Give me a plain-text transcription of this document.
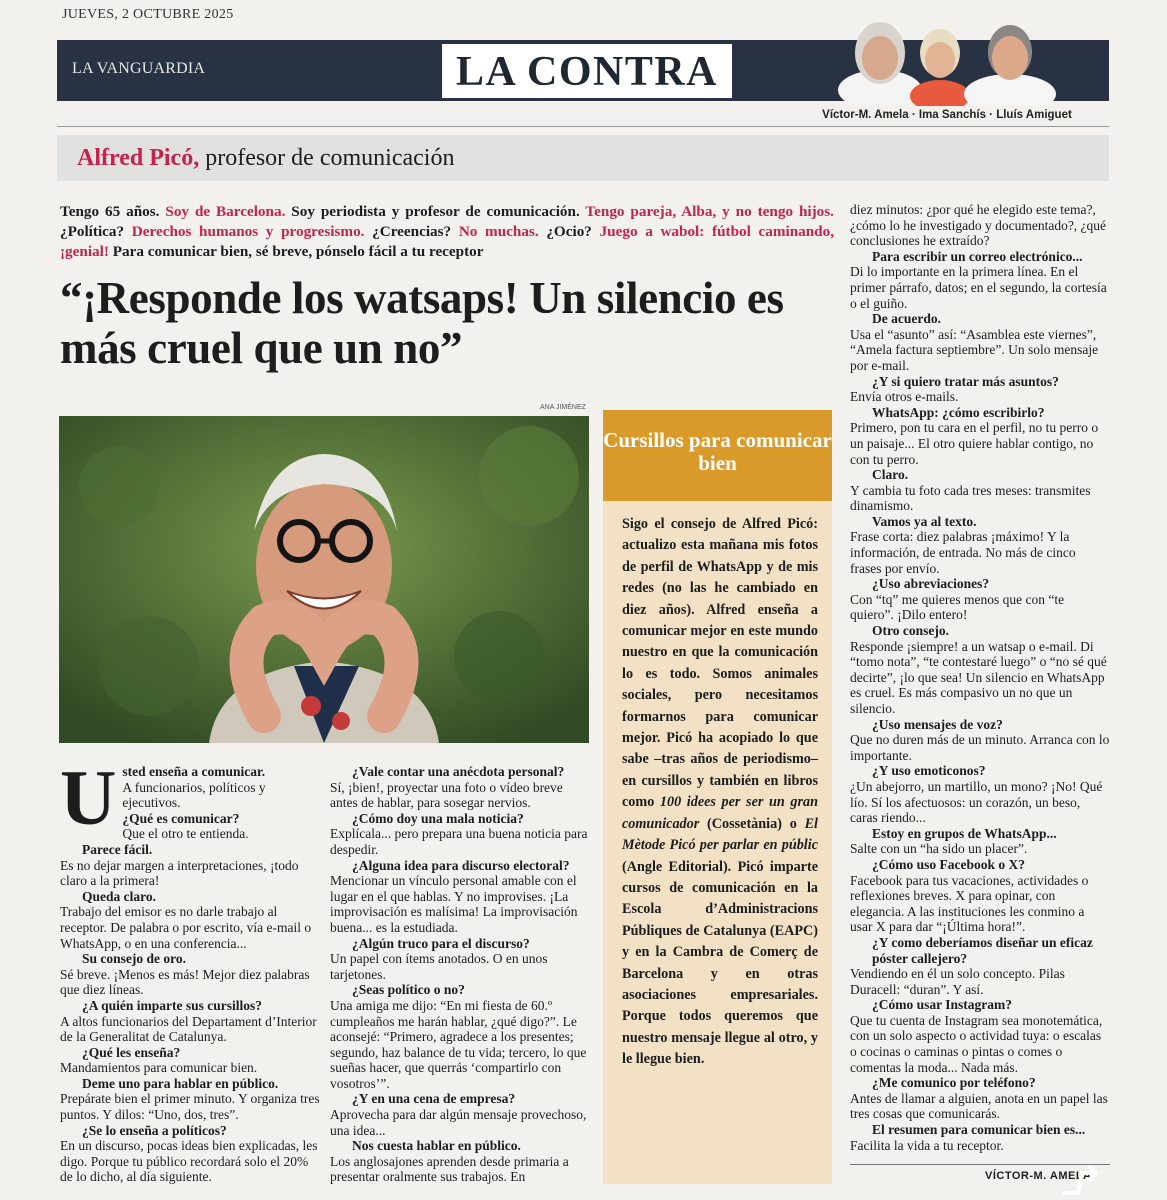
JUEVES, 2 OCTUBRE 2025
LA VANGUARDIA	LA CONTRA
Víctor-M. Amela · Ima Sanchís · Lluís Amiguet
Alfred Picó, profesor de comunicación
Tengo 65 años. Soy de Barcelona. Soy periodista y profesor de comunicación. Tengo pareja, Alba, y no tengo hijos. ¿Política? Derechos humanos y progresismo. ¿Creencias? No muchas. ¿Ocio? Juego a wabol: fútbol caminando, ¡genial! Para comunicar bien, sé breve, pónselo fácil a tu receptor
“¡Responde los watsaps! Un silencio es más cruel que un no”
ANA JIMÉNEZ
U sted enseña a comunicar.

A funcionarios, políticos y ejecutivos.

¿Qué es comunicar?

Que el otro te entienda.

Parece fácil.

Es no dejar margen a interpretaciones, ¡todo claro a la primera!

Queda claro.

Trabajo del emisor es no darle trabajo al receptor. De palabra o por escrito, vía e-mail o WhatsApp, o en una conferencia...

Su consejo de oro.

Sé breve. ¡Menos es más! Mejor diez palabras que diez líneas.

¿A quién imparte sus cursillos?

A altos funcionarios del Departament d’Interior de la Generalitat de Catalunya.

¿Qué les enseña?

Mandamientos para comunicar bien.

Deme uno para hablar en público.

Prepárate bien el primer minuto. Y organiza tres puntos. Y dilos: “Uno, dos, tres”.

¿Se lo enseña a políticos?

En un discurso, pocas ideas bien explicadas, les digo. Porque tu público recordará solo el 20% de lo dicho, al día siguiente.

¿Vale contar una anécdota personal?

Sí, ¡bien!, proyectar una foto o vídeo breve antes de hablar, para sosegar nervios.

¿Cómo doy una mala noticia?

Explícala... pero prepara una buena noticia para despedir.

¿Alguna idea para discurso electoral?

Mencionar un vínculo personal amable con el lugar en el que hablas. Y no improvises. ¡La improvisación es malísima! La improvisación buena... es la estudiada.

¿Algún truco para el discurso?

Un papel con ítems anotados. O en unos tarjetones.

¿Seas político o no?

Una amiga me dijo: “En mi fiesta de 60.º cumpleaños me harán hablar, ¿qué digo?”. Le aconsejé: “Primero, agradece a los presentes; segundo, haz balance de tu vida; tercero, lo que sueñas hacer, que querrás ‘compartirlo con vosotros’”.

¿Y en una cena de empresa?

Aprovecha para dar algún mensaje provechoso, una idea...

Nos cuesta hablar en público.

Los anglosajones aprenden desde primaria a presentar oralmente sus trabajos. En

Cursillos para comunicar bien
Sigo el consejo de Alfred Picó: actualizo esta mañana mis fotos de perfil de WhatsApp y de mis redes (no las he cambiado en diez años). Alfred enseña a comunicar mejor en este mundo nuestro en que la comunicación lo es todo. Somos animales sociales, pero necesitamos formarnos para comunicar mejor. Picó ha acopiado lo que sabe –tras años de periodismo– en cursillos y también en libros como 100 idees per ser un gran comunicador (Cossetània) o El Mètode Picó per parlar en públic (Angle Editorial). Picó imparte cursos de comunicación en la Escola d’Administracions Públiques de Catalunya (EAPC) y en la Cambra de Comerç de Barcelona y en otras asociaciones empresariales. Porque todos queremos que nuestro mensaje llegue al otro, y le llegue bien.

diez minutos: ¿por qué he elegido este tema?, ¿cómo lo he investigado y documentado?, ¿qué conclusiones he extraído?

Para escribir un correo electrónico...

Di lo importante en la primera línea. En el primer párrafo, datos; en el segundo, la cortesía o el guiño.

De acuerdo.

Usa el “asunto” así: “Asamblea este viernes”, “Amela factura septiembre”. Un solo mensaje por e-mail.

¿Y si quiero tratar más asuntos?

Envía otros e-mails.

WhatsApp: ¿cómo escribirlo?

Primero, pon tu cara en el perfil, no tu perro o un paisaje... El otro quiere hablar contigo, no con tu perro.

Claro.

Y cambia tu foto cada tres meses: transmites dinamismo.

Vamos ya al texto.

Frase corta: diez palabras ¡máximo! Y la información, de entrada. No más de cinco frases por envío.

¿Uso abreviaciones?

Con “tq” me quieres menos que con “te quiero”. ¡Dilo entero!

Otro consejo.

Responde ¡siempre! a un watsap o e-mail. Di “tomo nota”, “te contestaré luego” o “no sé qué decirte”, ¡lo que sea! Un silencio en WhatsApp es cruel. Es más compasivo un no que un silencio.

¿Uso mensajes de voz?

Que no duren más de un minuto. Arranca con lo importante.

¿Y uso emoticonos?

¿Un abejorro, un martillo, un mono? ¡No! Qué lío. Sí los afectuosos: un corazón, un beso, caras riendo...

Estoy en grupos de WhatsApp...

Salte con un “ha sido un placer”.

¿Cómo uso Facebook o X?

Facebook para tus vacaciones, actividades o reflexiones breves. X para opinar, con elegancia. A las instituciones les conmino a usar X para dar “¡Última hora!”.

¿Y como deberíamos diseñar un eficaz póster callejero?

Vendiendo en él un solo concepto. Pilas Duracell: “duran”. Y así.

¿Cómo usar Instagram?

Que tu cuenta de Instagram sea monotemática, con un solo aspecto o actividad tuya: o escalas o cocinas o caminas o pintas o comes o comentas la moda... Nada más.

¿Me comunico por teléfono?

Antes de llamar a alguien, anota en un papel las tres cosas que comunicarás.

El resumen para comunicar bien es...

Facilita la vida a tu receptor.

VÍCTOR-M. AMELA
